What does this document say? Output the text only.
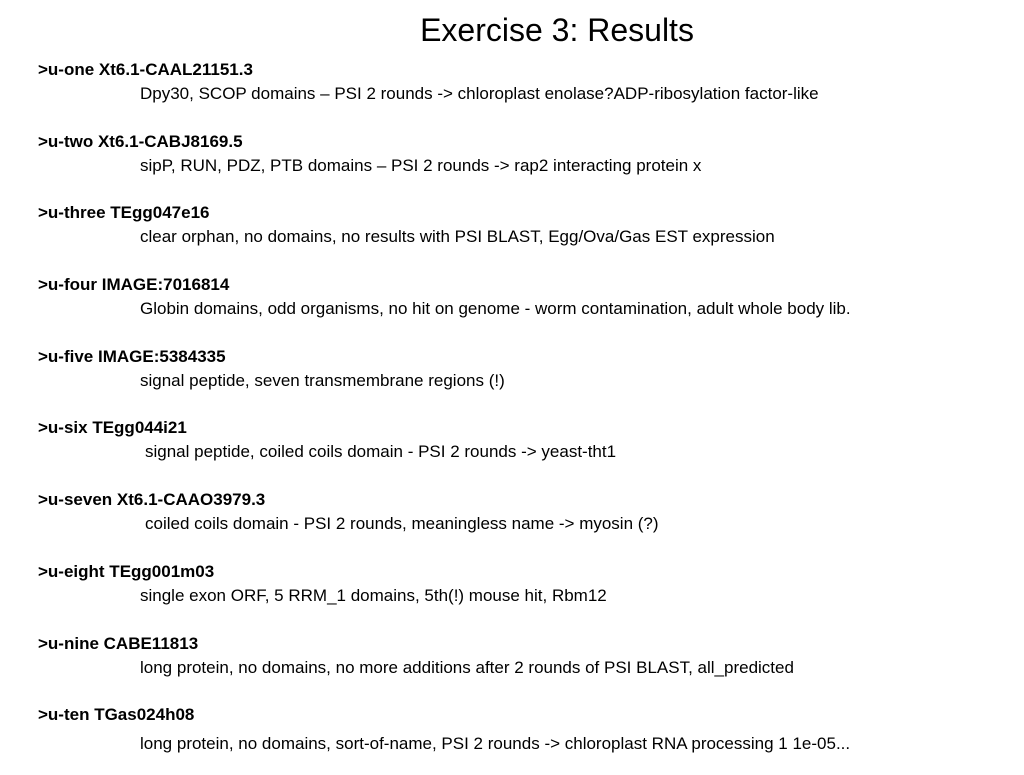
Exercise 3: Results
>u-one Xt6.1-CAAL21151.3
Dpy30, SCOP domains – PSI 2 rounds -> chloroplast enolase?ADP-ribosylation factor-like
>u-two Xt6.1-CABJ8169.5
sipP, RUN, PDZ, PTB domains – PSI 2 rounds -> rap2 interacting protein x
>u-three TEgg047e16
clear orphan, no domains, no results with PSI BLAST, Egg/Ova/Gas EST expression
>u-four IMAGE:7016814
Globin domains, odd organisms, no hit on genome - worm contamination, adult whole body lib.
>u-five IMAGE:5384335
signal peptide, seven transmembrane regions (!)
>u-six TEgg044i21
signal peptide, coiled coils domain - PSI 2 rounds -> yeast-tht1
>u-seven Xt6.1-CAAO3979.3
coiled coils domain - PSI 2 rounds, meaningless name -> myosin (?)
>u-eight TEgg001m03
single exon ORF, 5 RRM_1 domains, 5th(!) mouse hit, Rbm12
>u-nine CABE11813
long protein, no domains, no more additions after 2 rounds of PSI BLAST, all_predicted
>u-ten TGas024h08
long protein, no domains, sort-of-name, PSI 2 rounds -> chloroplast RNA processing 1 1e-05...
